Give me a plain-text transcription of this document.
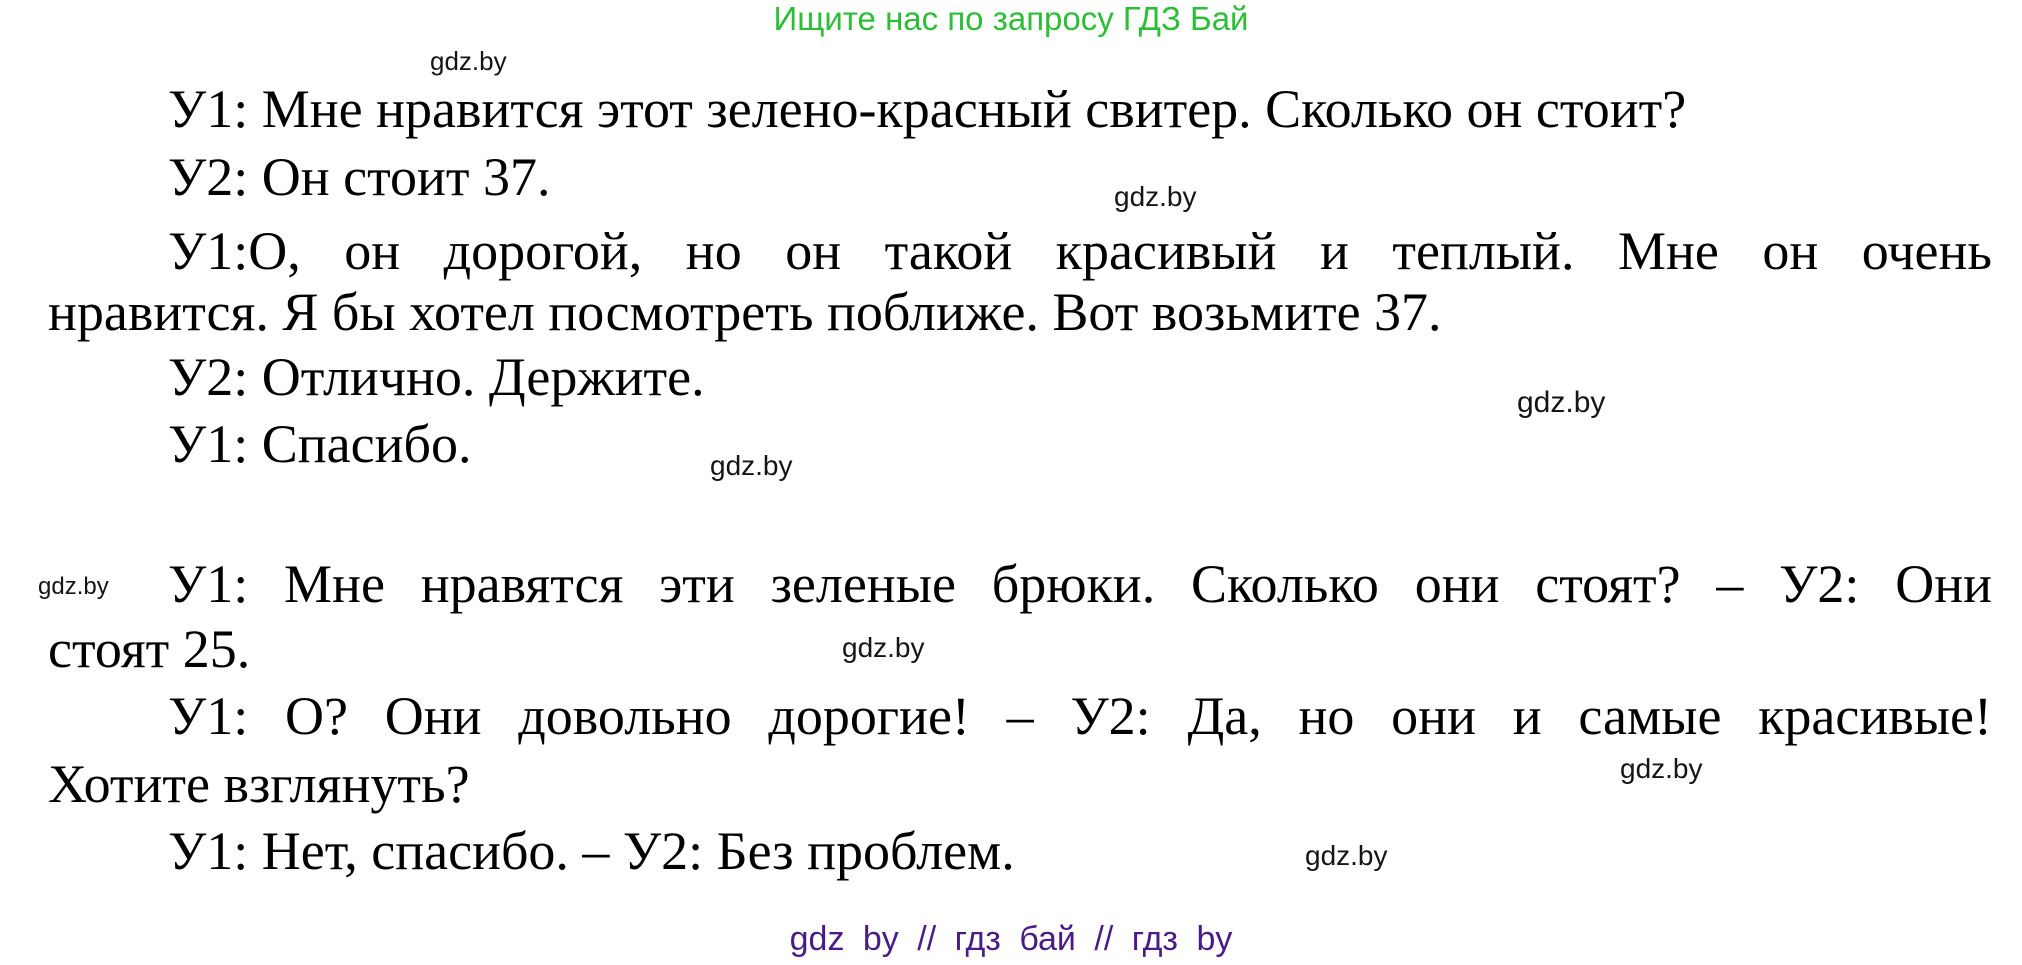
Ищите нас по запросу ГДЗ Бай
gdz.by
gdz.by
gdz.by
gdz.by
gdz.by
gdz.by
gdz.by
gdz.by
У1: Мне нравится этот зелено-красный свитер. Сколько он стоит?
У2: Он стоит 37.
У1:О, он дорогой, но он такой красивый и теплый. Мне он очень
нравится. Я бы хотел посмотреть поближе. Вот возьмите 37.
У2: Отлично. Держите.
У1: Спасибо.
У1: Мне нравятся эти зеленые брюки. Сколько они стоят? – У2: Они
стоят 25.
У1: О? Они довольно дорогие! – У2: Да, но они и самые красивые!
Хотите взглянуть?
У1: Нет, спасибо. – У2: Без проблем.
gdz by // гдз бай // гдз by
